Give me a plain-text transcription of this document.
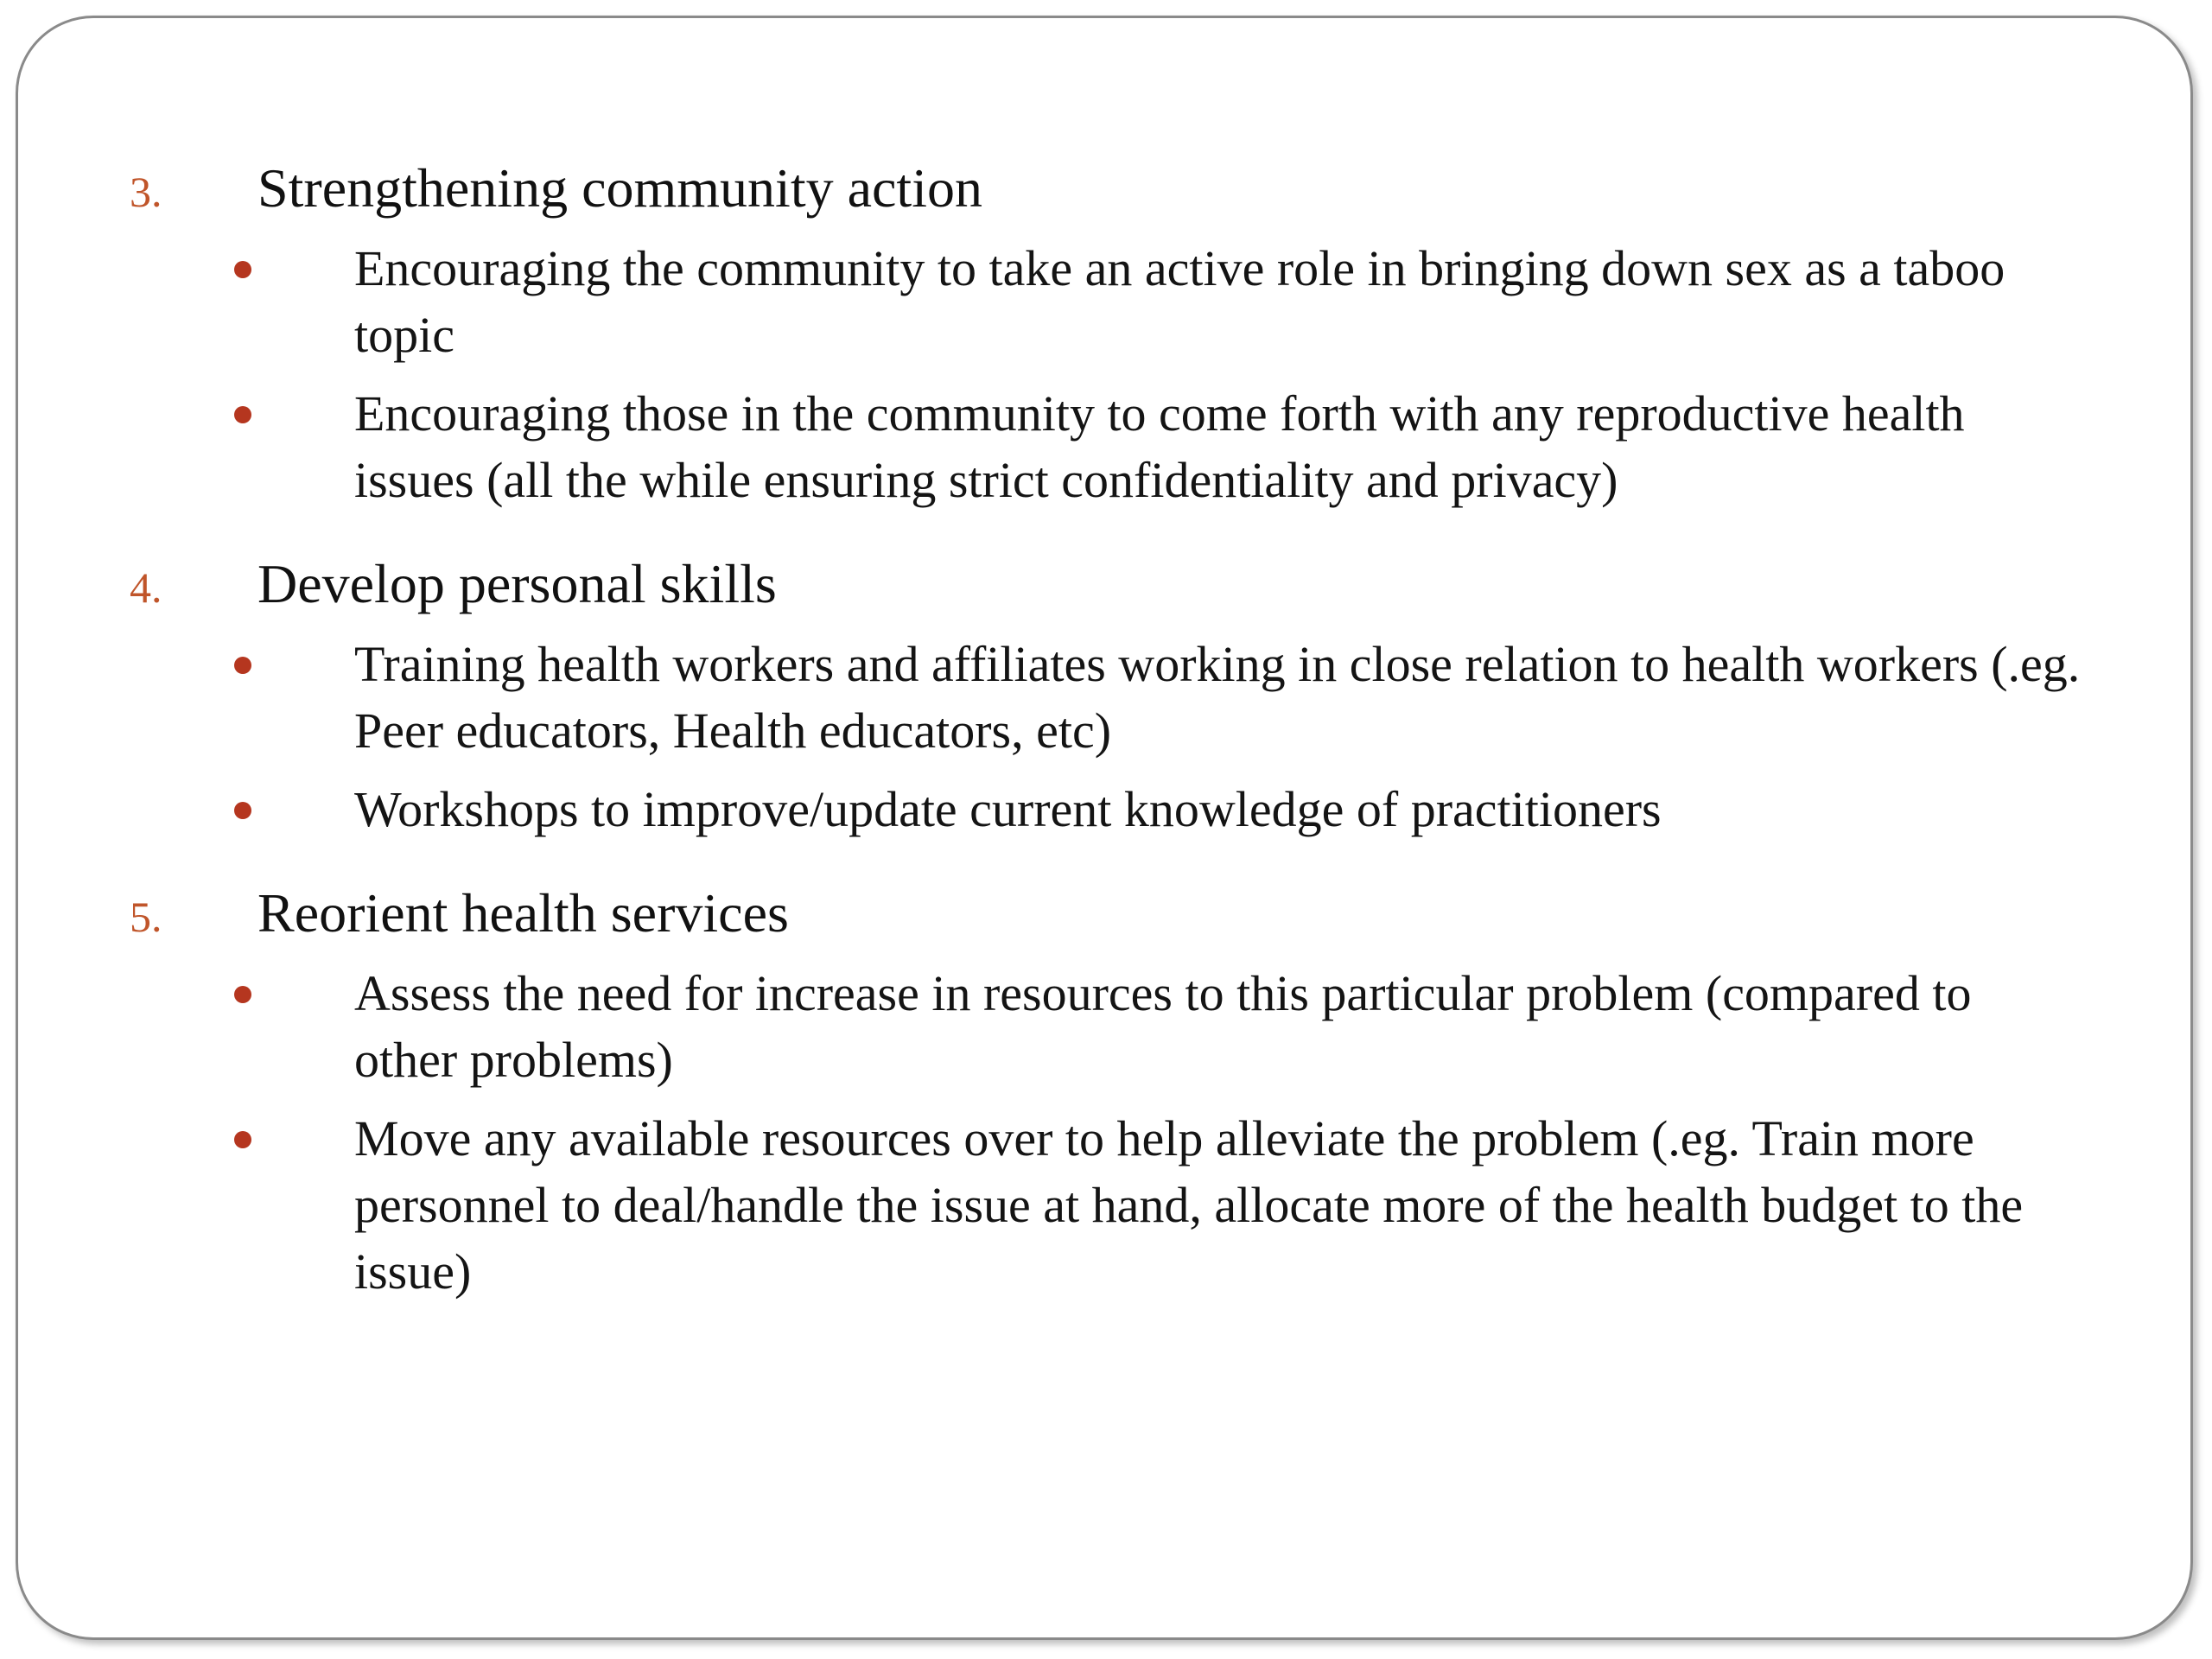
3.	Strengthening community action
Encouraging the community to take an active role in bringing down sex as a taboo topic
Encouraging those in the community to come forth with any reproductive health issues (all the while ensuring strict confidentiality and privacy)
4.	Develop personal skills
Training health workers and affiliates working in close relation to health workers (.eg. Peer educators, Health educators, etc)
Workshops to improve/update current knowledge of practitioners
5.	Reorient health services
Assess the need for increase in resources to this particular problem (compared to other problems)
Move any available resources over to help alleviate the problem (.eg. Train more personnel to deal/handle the issue at hand, allocate more of the health budget to the issue)
